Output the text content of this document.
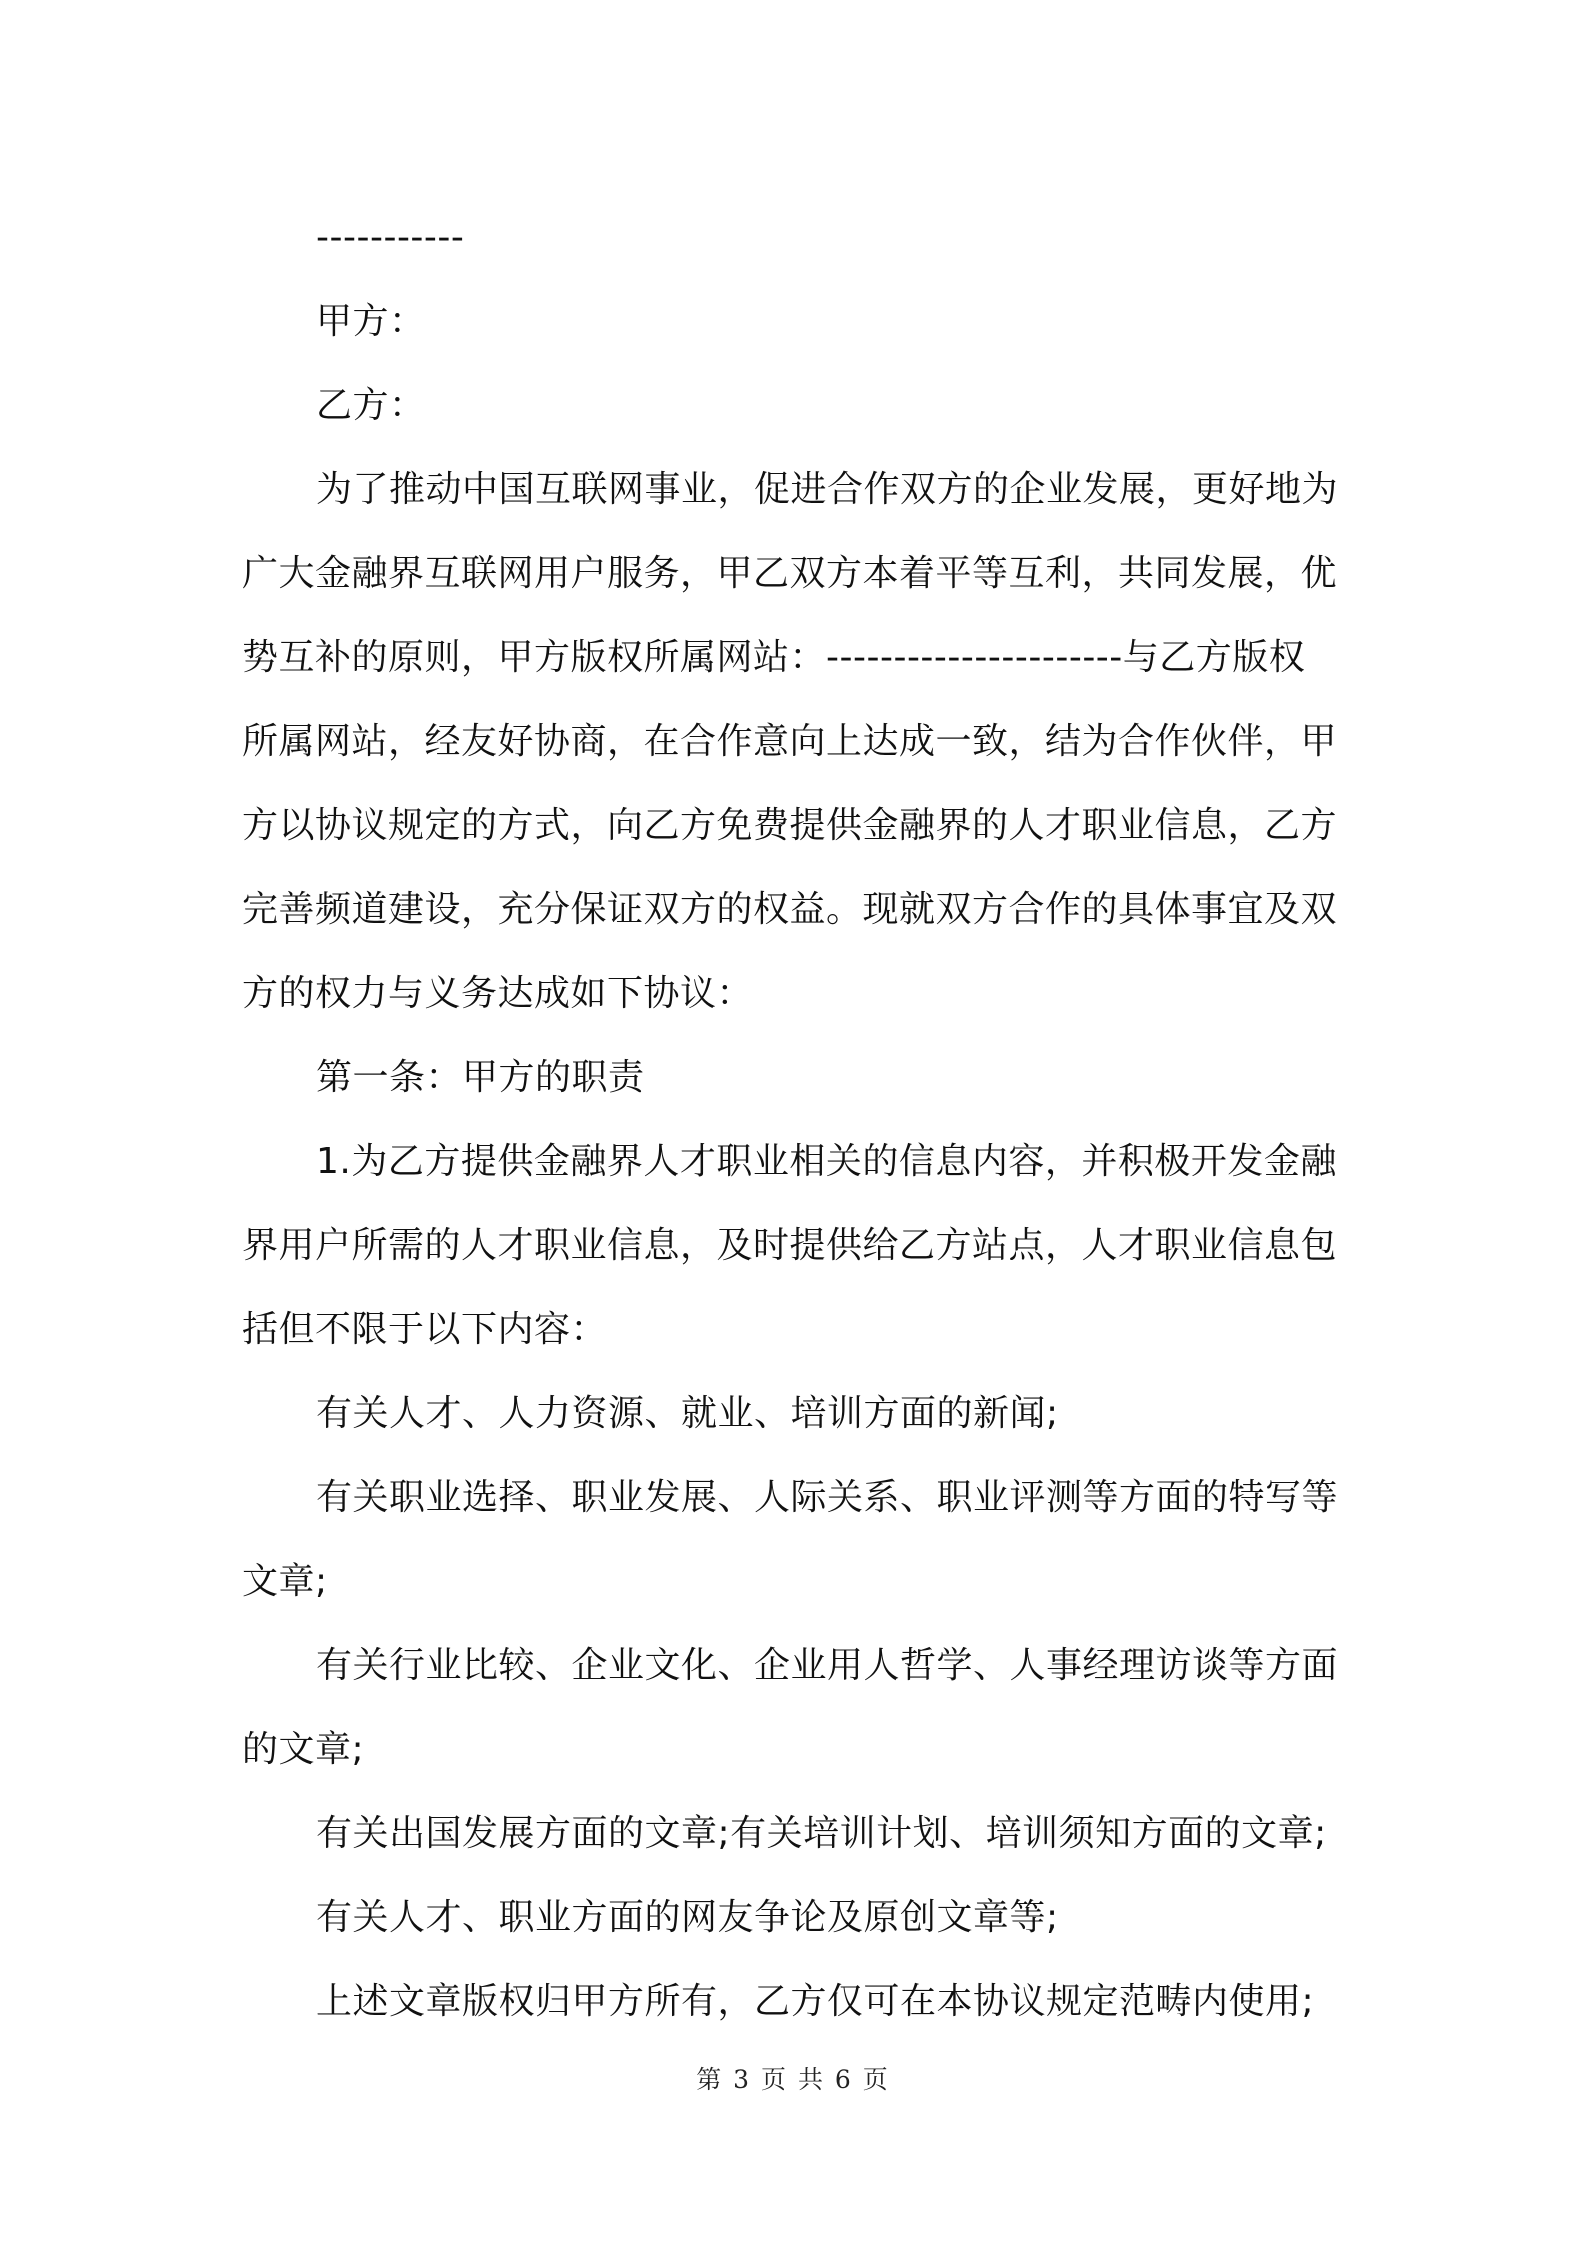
-----------
甲方：
乙方：
为了推动中国互联网事业，促进合作双方的企业发展，更好地为
广大金融界互联网用户服务，甲乙双方本着平等互利，共同发展，优
势互补的原则，甲方版权所属网站：----------------------与乙方版权
所属网站，经友好协商，在合作意向上达成一致，结为合作伙伴，甲
方以协议规定的方式，向乙方免费提供金融界的人才职业信息，乙方
完善频道建设，充分保证双方的权益。现就双方合作的具体事宜及双
方的权力与义务达成如下协议：
第一条：甲方的职责
1.为乙方提供金融界人才职业相关的信息内容，并积极开发金融
界用户所需的人才职业信息，及时提供给乙方站点，人才职业信息包
括但不限于以下内容：
有关人才、人力资源、就业、培训方面的新闻;
有关职业选择、职业发展、人际关系、职业评测等方面的特写等
文章;
有关行业比较、企业文化、企业用人哲学、人事经理访谈等方面
的文章;
有关出国发展方面的文章;有关培训计划、培训须知方面的文章;
有关人才、职业方面的网友争论及原创文章等;
上述文章版权归甲方所有，乙方仅可在本协议规定范畴内使用;
第 3 页 共 6 页
